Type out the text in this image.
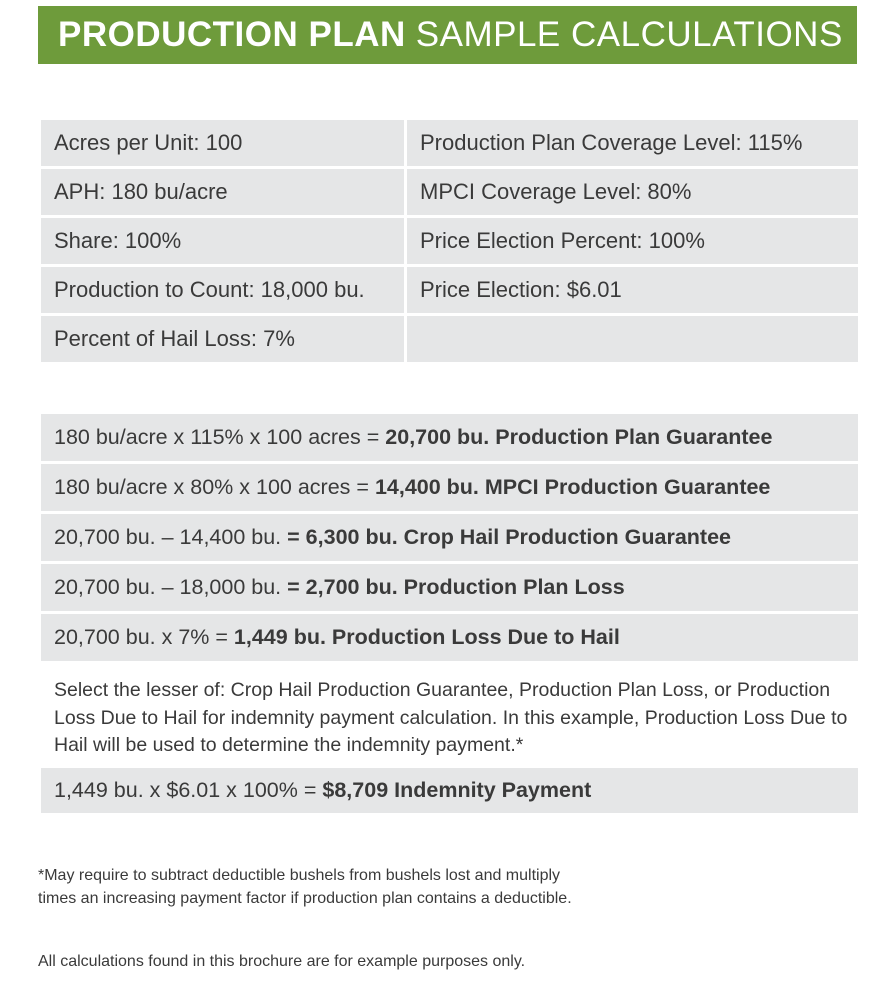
PRODUCTION PLAN SAMPLE CALCULATIONS
Acres per Unit: 100	Production Plan Coverage Level: 115%
APH: 180 bu/acre	MPCI Coverage Level: 80%
Share: 100%	Price Election Percent: 100%
Production to Count: 18,000 bu.	Price Election: $6.01
Percent of Hail Loss: 7%
180 bu/acre x 115% x 100 acres = 20,700 bu. Production Plan Guarantee
180 bu/acre x 80% x 100 acres = 14,400 bu. MPCI Production Guarantee
20,700 bu. – 14,400 bu. = 6,300 bu. Crop Hail Production Guarantee
20,700 bu. – 18,000 bu. = 2,700 bu. Production Plan Loss
20,700 bu. x 7% = 1,449 bu. Production Loss Due to Hail
Select the lesser of: Crop Hail Production Guarantee, Production Plan Loss, or Production Loss Due to Hail for indemnity payment calculation. In this example, Production Loss Due to Hail will be used to determine the indemnity payment.*
1,449 bu. x $6.01 x 100% = $8,709 Indemnity Payment
*May require to subtract deductible bushels from bushels lost and multiply times an increasing payment factor if production plan contains a deductible.
All calculations found in this brochure are for example purposes only.
